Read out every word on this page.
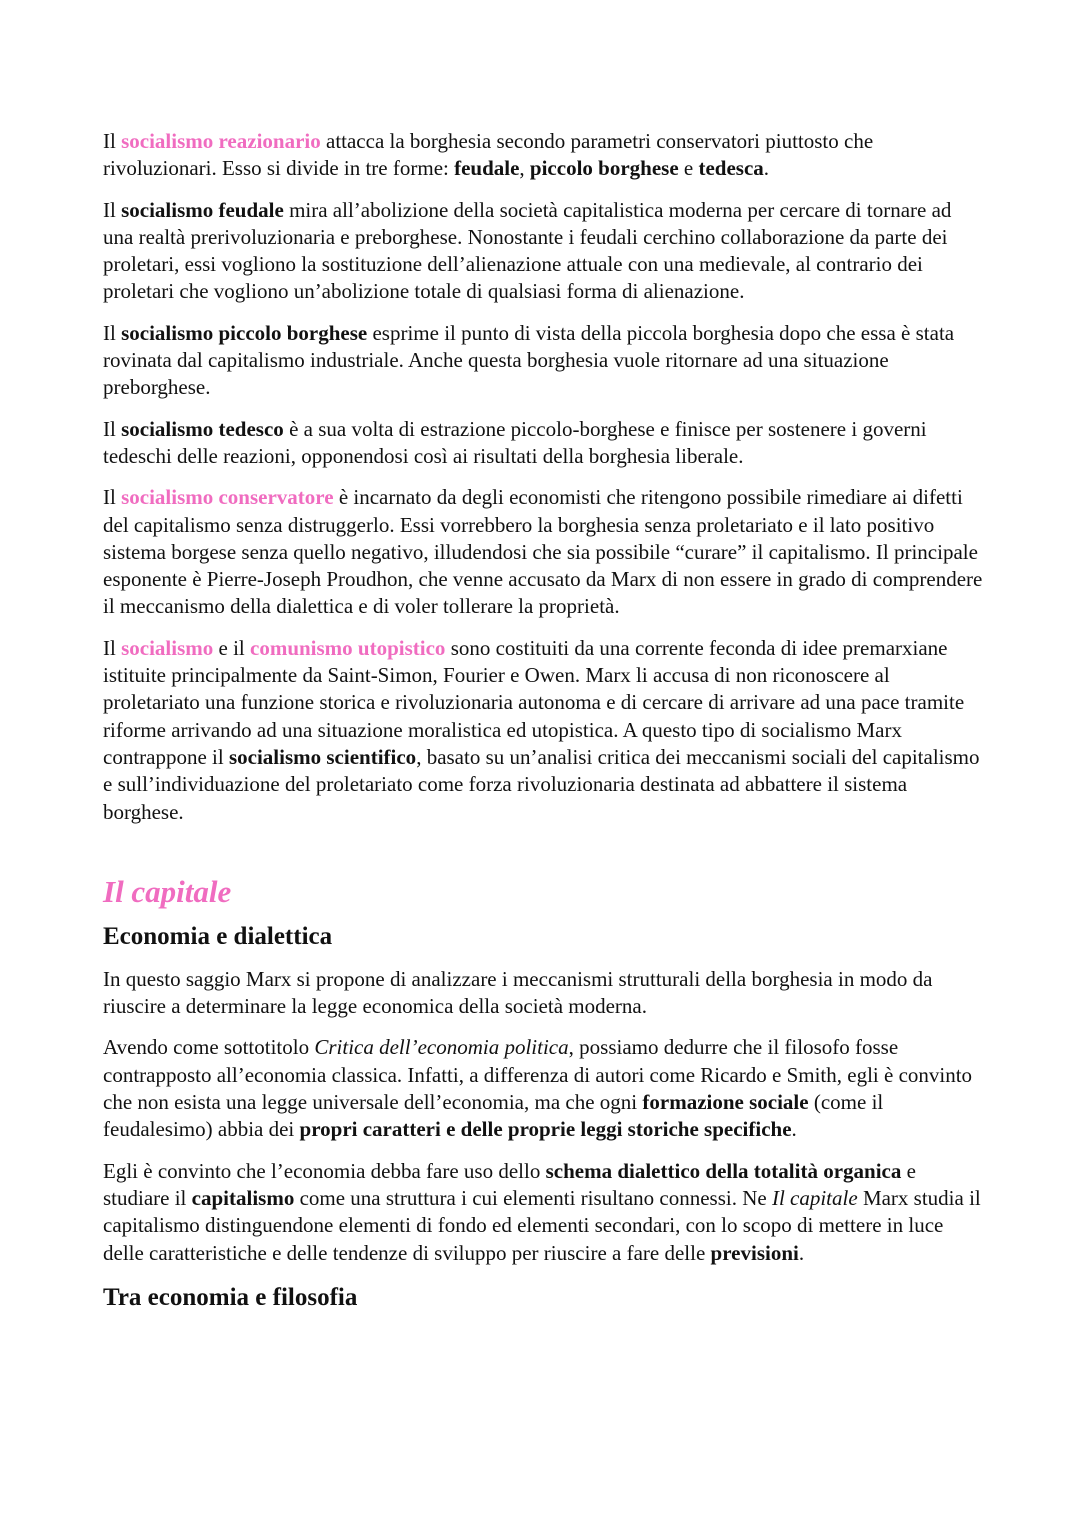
Il socialismo reazionario attacca la borghesia secondo parametri conservatori piuttosto che rivoluzionari. Esso si divide in tre forme: feudale, piccolo borghese e tedesca.

Il socialismo feudale mira all’abolizione della società capitalistica moderna per cercare di tornare ad una realtà prerivoluzionaria e preborghese. Nonostante i feudali cerchino collaborazione da parte dei proletari, essi vogliono la sostituzione dell’alienazione attuale con una medievale, al contrario dei proletari che vogliono un’abolizione totale di qualsiasi forma di alienazione.

Il socialismo piccolo borghese esprime il punto di vista della piccola borghesia dopo che essa è stata rovinata dal capitalismo industriale. Anche questa borghesia vuole ritornare ad una situazione preborghese.

Il socialismo tedesco è a sua volta di estrazione piccolo-borghese e finisce per sostenere i governi tedeschi delle reazioni, opponendosi così ai risultati della borghesia liberale.

Il socialismo conservatore è incarnato da degli economisti che ritengono possibile rimediare ai difetti del capitalismo senza distruggerlo. Essi vorrebbero la borghesia senza proletariato e il lato positivo sistema borgese senza quello negativo, illudendosi che sia possibile “curare” il capitalismo. Il principale esponente è Pierre-Joseph Proudhon, che venne accusato da Marx di non essere in grado di comprendere il meccanismo della dialettica e di voler tollerare la proprietà.

Il socialismo e il comunismo utopistico sono costituiti da una corrente feconda di idee premarxiane istituite principalmente da Saint-Simon, Fourier e Owen. Marx li accusa di non riconoscere al proletariato una funzione storica e rivoluzionaria autonoma e di cercare di arrivare ad una pace tramite riforme arrivando ad una situazione moralistica ed utopistica. A questo tipo di socialismo Marx contrappone il socialismo scientifico, basato su un’analisi critica dei meccanismi sociali del capitalismo e sull’individuazione del proletariato come forza rivoluzionaria destinata ad abbattere il sistema borghese.

Il capitale
Economia e dialettica

In questo saggio Marx si propone di analizzare i meccanismi strutturali della borghesia in modo da riuscire a determinare la legge economica della società moderna.

Avendo come sottotitolo Critica dell’economia politica, possiamo dedurre che il filosofo fosse contrapposto all’economia classica. Infatti, a differenza di autori come Ricardo e Smith, egli è convinto che non esista una legge universale dell’economia, ma che ogni formazione sociale (come il feudalesimo) abbia dei propri caratteri e delle proprie leggi storiche specifiche.

Egli è convinto che l’economia debba fare uso dello schema dialettico della totalità organica e studiare il capitalismo come una struttura i cui elementi risultano connessi. Ne Il capitale Marx studia il capitalismo distinguendone elementi di fondo ed elementi secondari, con lo scopo di mettere in luce delle caratteristiche e delle tendenze di sviluppo per riuscire a fare delle previsioni.

Tra economia e filosofia
